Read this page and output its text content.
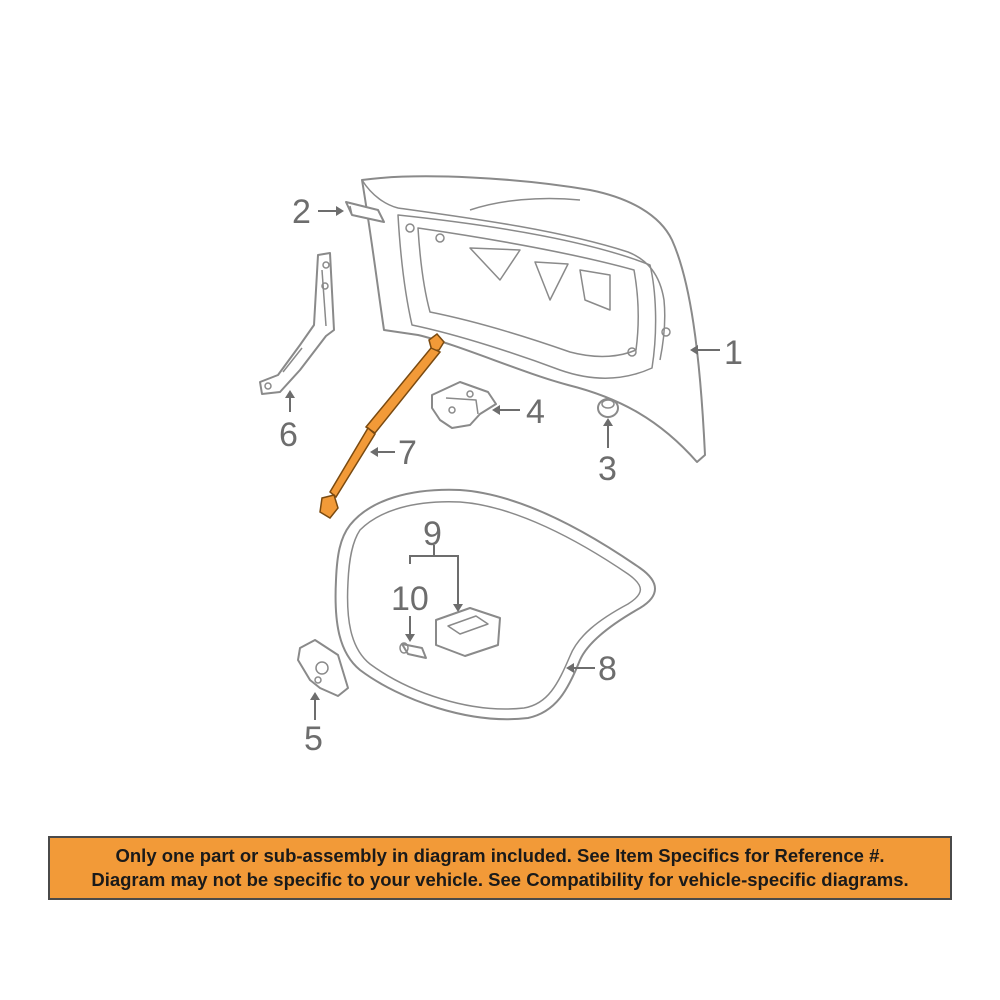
2
1
4
6	7	3
9
10
8
5
Only one part or sub-assembly in diagram included. See Item Specifics for Reference #.
Diagram may not be specific to your vehicle. See Compatibility for vehicle-specific diagrams.
